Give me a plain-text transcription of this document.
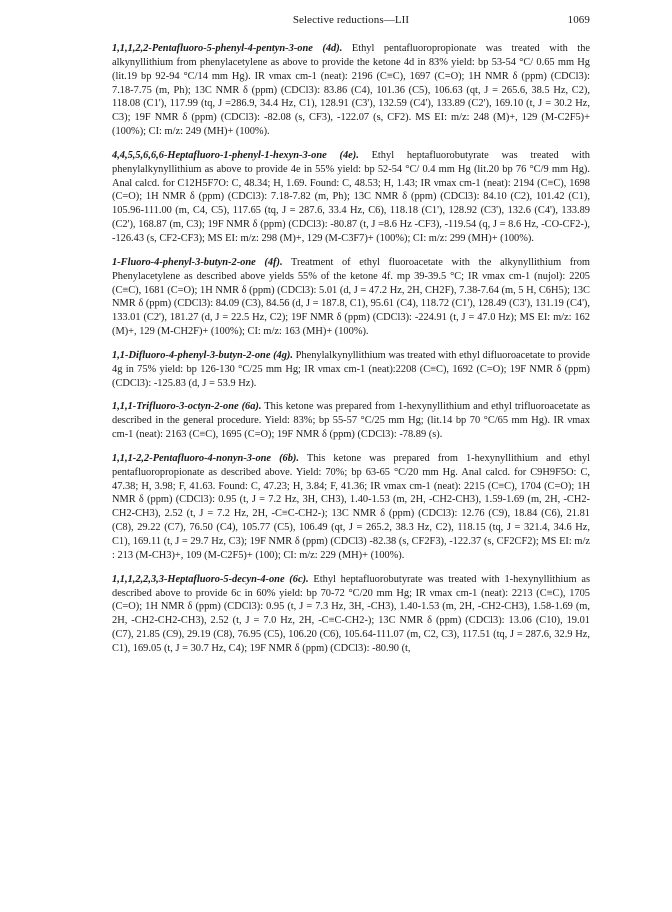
Selective reductions—LII	1069

1,1,1,2,2-Pentafluoro-5-phenyl-4-pentyn-3-one (4d). Ethyl pentafluoropropionate was treated with the alkynyllithium from phenylacetylene as above to provide the ketone 4d in 83% yield: bp 53-54 °C/ 0.65 mm Hg (lit.19 bp 92-94 °C/14 mm Hg). IR νmax cm-1 (neat): 2196 (C≡C), 1697 (C=O); 1H NMR δ (ppm) (CDCl3): 7.18-7.75 (m, Ph); 13C NMR δ (ppm) (CDCl3): 83.86 (C4), 101.36 (C5), 106.63 (qt, J = 265.6, 38.5 Hz, C2), 118.08 (C1'), 117.99 (tq, J =286.9, 34.4 Hz, C1), 128.91 (C3'), 132.59 (C4'), 133.89 (C2'), 169.10 (t, J = 30.2 Hz, C3); 19F NMR δ (ppm) (CDCl3): -82.08 (s, CF3), -122.07 (s, CF2). MS EI: m/z: 248 (M)+, 129 (M-C2F5)+ (100%); CI: m/z: 249 (MH)+ (100%).

4,4,5,5,6,6,6-Heptafluoro-1-phenyl-1-hexyn-3-one (4e). Ethyl heptafluorobutyrate was treated with phenylalkynyllithium as above to provide 4e in 55% yield: bp 52-54 °C/ 0.4 mm Hg (lit.20 bp 76 °C/9 mm Hg). Anal calcd. for C12H5F7O: C, 48.34; H, 1.69. Found: C, 48.53; H, 1.43; IR νmax cm-1 (neat): 2194 (C≡C), 1698 (C=O); 1H NMR δ (ppm) (CDCl3): 7.18-7.82 (m, Ph); 13C NMR δ (ppm) (CDCl3): 84.10 (C2), 101.42 (C1), 105.96-111.00 (m, C4, C5), 117.65 (tq, J = 287.6, 33.4 Hz, C6), 118.18 (C1'), 128.92 (C3'), 132.6 (C4'), 133.89 (C2'), 168.87 (m, C3); 19F NMR δ (ppm) (CDCl3): -80.87 (t, J =8.6 Hz -CF3), -119.54 (q, J = 8.6 Hz, -CO-CF2-), -126.43 (s, CF2-CF3); MS EI: m/z: 298 (M)+, 129 (M-C3F7)+ (100%); CI: m/z: 299 (MH)+ (100%).

1-Fluoro-4-phenyl-3-butyn-2-one (4f). Treatment of ethyl fluoroacetate with the alkynyllithium from Phenylacetylene as described above yields 55% of the ketone 4f. mp 39-39.5 °C; IR νmax cm-1 (nujol): 2205 (C≡C), 1681 (C=O); 1H NMR δ (ppm) (CDCl3): 5.01 (d, J = 47.2 Hz, 2H, CH2F), 7.38-7.64 (m, 5 H, C6H5); 13C NMR δ (ppm) (CDCl3): 84.09 (C3), 84.56 (d, J = 187.8, C1), 95.61 (C4), 118.72 (C1'), 128.49 (C3'), 131.19 (C4'), 133.01 (C2'), 181.27 (d, J = 22.5 Hz, C2); 19F NMR δ (ppm) (CDCl3): -224.91 (t, J = 47.0 Hz); MS EI: m/z: 162 (M)+, 129 (M-CH2F)+ (100%); CI: m/z: 163 (MH)+ (100%).

1,1-Difluoro-4-phenyl-3-butyn-2-one (4g). Phenylalkynyllithium was treated with ethyl difluoroacetate to provide 4g in 75% yield: bp 126-130 °C/25 mm Hg; IR νmax cm-1 (neat):2208 (C≡C), 1692 (C=O); 19F NMR δ (ppm) (CDCl3): -125.83 (d, J = 53.9 Hz).

1,1,1-Trifluoro-3-octyn-2-one (6a). This ketone was prepared from 1-hexynyllithium and ethyl trifluoroacetate as described in the general procedure. Yield: 83%; bp 55-57 °C/25 mm Hg; (lit.14 bp 70 °C/65 mm Hg). IR νmax cm-1 (neat): 2163 (C≡C), 1695 (C=O); 19F NMR δ (ppm) (CDCl3): -78.89 (s).

1,1,1-2,2-Pentafluoro-4-nonyn-3-one (6b). This ketone was prepared from 1-hexynyllithium and ethyl pentafluoropropionate as described above. Yield: 70%; bp 63-65 °C/20 mm Hg. Anal calcd. for C9H9F5O: C, 47.38; H, 3.98; F, 41.63. Found: C, 47.23; H, 3.84; F, 41.36; IR νmax cm-1 (neat): 2215 (C≡C), 1704 (C=O); 1H NMR δ (ppm) (CDCl3): 0.95 (t, J = 7.2 Hz, 3H, CH3), 1.40-1.53 (m, 2H, -CH2-CH3), 1.59-1.69 (m, 2H, -CH2-CH2-CH3), 2.52 (t, J = 7.2 Hz, 2H, -C≡C-CH2-); 13C NMR δ (ppm) (CDCl3): 12.76 (C9), 18.84 (C6), 21.81 (C8), 29.22 (C7), 76.50 (C4), 105.77 (C5), 106.49 (qt, J = 265.2, 38.3 Hz, C2), 118.15 (tq, J = 321.4, 34.6 Hz, C1), 169.11 (t, J = 29.7 Hz, C3); 19F NMR δ (ppm) (CDCl3) -82.38 (s, CF2F3), -122.37 (s, CF2CF2); MS EI: m/z : 213 (M-CH3)+, 109 (M-C2F5)+ (100); CI: m/z: 229 (MH)+ (100%).

1,1,1,2,2,3,3-Heptafluoro-5-decyn-4-one (6c). Ethyl heptafluorobutyrate was treated with 1-hexynyllithium as described above to provide 6c in 60% yield: bp 70-72 °C/20 mm Hg; IR νmax cm-1 (neat): 2213 (C≡C), 1705 (C=O); 1H NMR δ (ppm) (CDCl3): 0.95 (t, J = 7.3 Hz, 3H, -CH3), 1.40-1.53 (m, 2H, -CH2-CH3), 1.58-1.69 (m, 2H, -CH2-CH2-CH3), 2.52 (t, J = 7.0 Hz, 2H, -C≡C-CH2-); 13C NMR δ (ppm) (CDCl3): 13.06 (C10), 19.01 (C7), 21.85 (C9), 29.19 (C8), 76.95 (C5), 106.20 (C6), 105.64-111.07 (m, C2, C3), 117.51 (tq, J = 287.6, 32.9 Hz, C1), 169.05 (t, J = 30.7 Hz, C4); 19F NMR δ (ppm) (CDCl3): -80.90 (t,
